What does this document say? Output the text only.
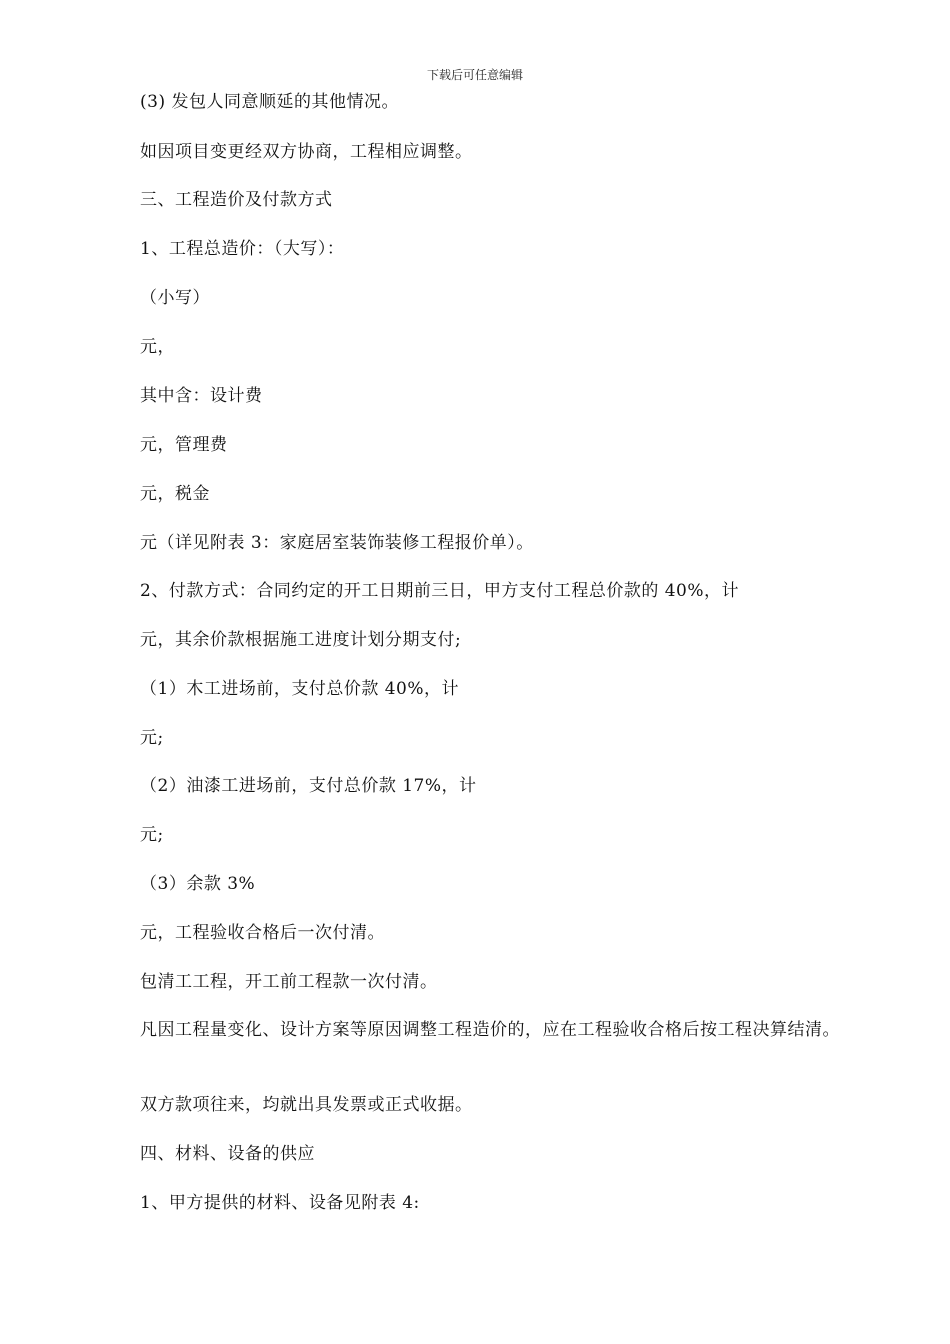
下载后可任意编辑
(3) 发包人同意顺延的其他情况。
如因项目变更经双方协商，工程相应调整。
三、工程造价及付款方式
1、工程总造价：（大写）：
（小写）
元，
其中含：设计费
元，管理费
元，税金
元（详见附表 3：家庭居室装饰装修工程报价单）。
2、付款方式：合同约定的开工日期前三日，甲方支付工程总价款的 40%，计
元，其余价款根据施工进度计划分期支付;
（1）木工进场前，支付总价款 40%，计
元;
（2）油漆工进场前，支付总价款 17%，计
元;
（3）余款 3%
元，工程验收合格后一次付清。
包清工工程，开工前工程款一次付清。
凡因工程量变化、设计方案等原因调整工程造价的，应在工程验收合格后按工程决算结清。
双方款项往来，均就出具发票或正式收据。
四、材料、设备的供应
1、甲方提供的材料、设备见附表 4:
